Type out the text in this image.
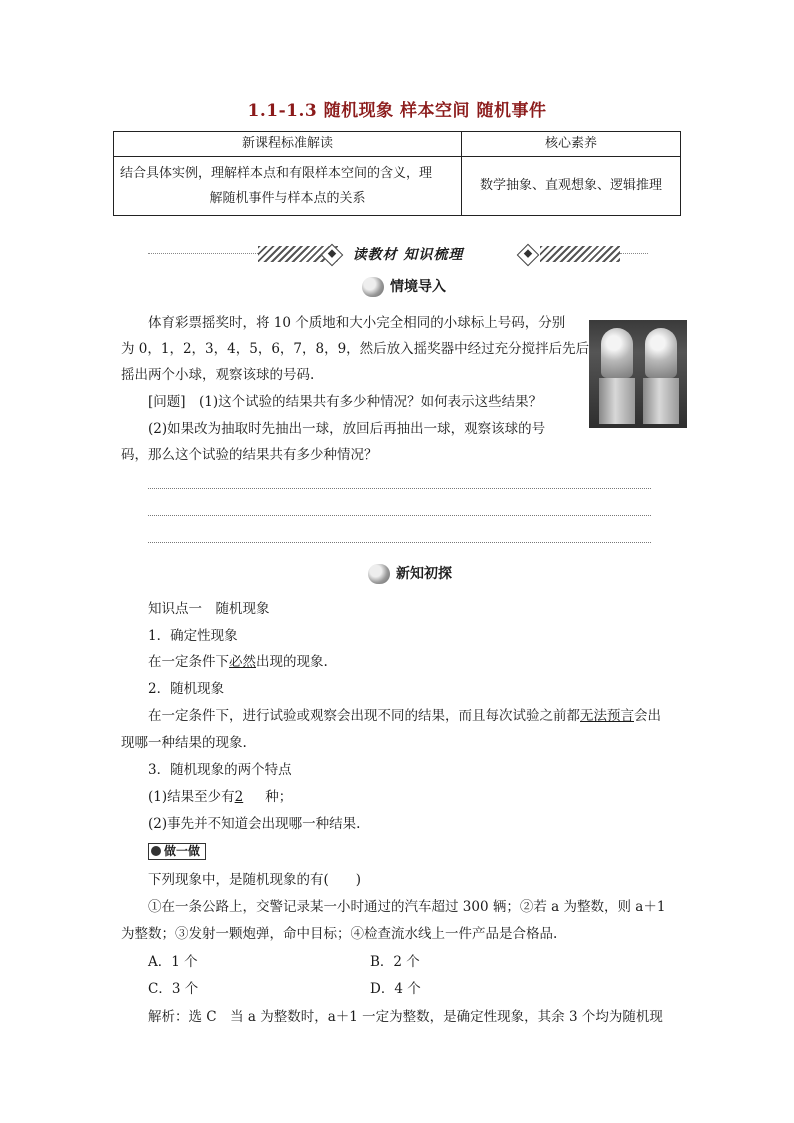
1.1-1.3 随机现象 样本空间 随机事件
新课程标准解读	核心素养

结合具体实例，理解样本点和有限样本空间的含义，理
解随机事件与样本点的关系	数学抽象、直观想象、逻辑推理
读教材 知识梳理
情境导入
体育彩票摇奖时，将 10 个质地和大小完全相同的小球标上号码，分别
为 0，1，2，3，4，5，6，7，8，9，然后放入摇奖器中经过充分搅拌后先后
摇出两个小球，观察该球的号码.
[问题]　(1)这个试验的结果共有多少种情况？如何表示这些结果？
(2)如果改为抽取时先抽出一球，放回后再抽出一球，观察该球的号
码，那么这个试验的结果共有多少种情况？
新知初探
知识点一　随机现象
1．确定性现象
在一定条件下必然出现的现象.
2．随机现象
在一定条件下，进行试验或观察会出现不同的结果，而且每次试验之前都无法预言会出
现哪一种结果的现象.
3．随机现象的两个特点
(1)结果至少有2 种；
(2)事先并不知道会出现哪一种结果.
做一做
下列现象中，是随机现象的有(　　)
①在一条公路上，交警记录某一小时通过的汽车超过 300 辆；②若 a 为整数，则 a＋1
为整数；③发射一颗炮弹，命中目标；④检查流水线上一件产品是合格品.
A．1 个	B．2 个
C．3 个	D．4 个
解析：选 C　当 a 为整数时，a＋1 一定为整数，是确定性现象，其余 3 个均为随机现
